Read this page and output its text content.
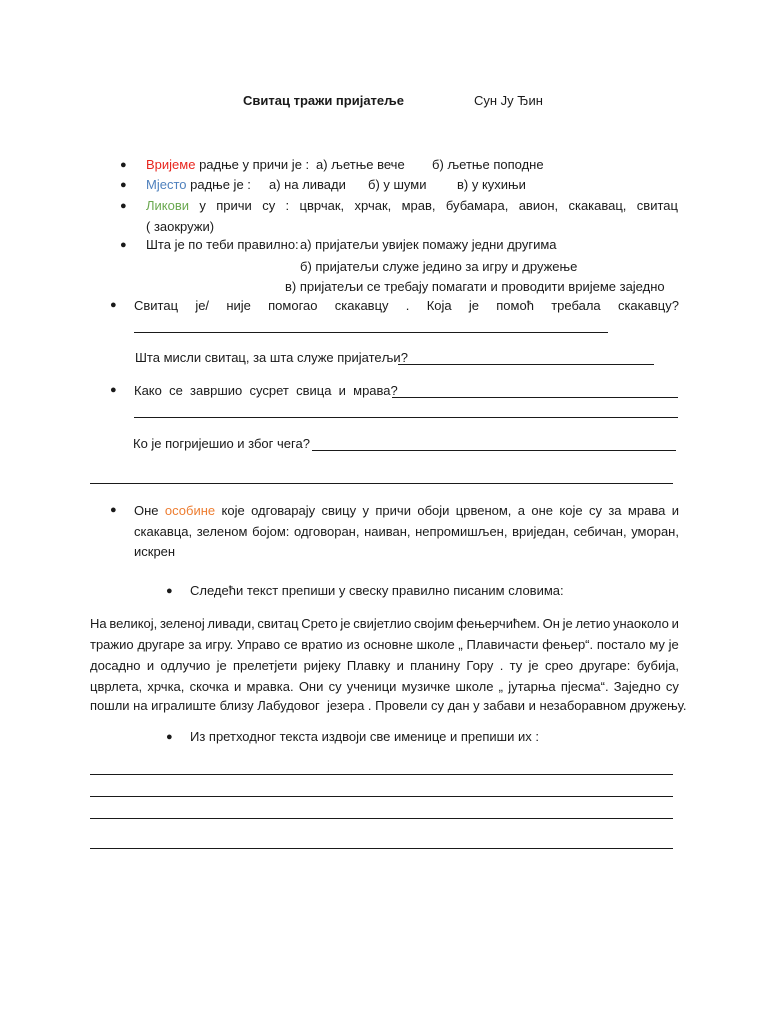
Свитац тражи пријатеље	Сун Ју Ђин
● Вријеме радње у причи је : а) љетње вече б) љетње поподне
● Мјесто радње је : а) на ливади б) у шуми в) у кухињи
● Ликови у причи су : цврчак, хрчак, мрав, бубамара, авион, скакавац, свитац
( заокружи)
● Шта је по теби правилно: а) пријатељи увијек помажу једни другима
б) пријатељи служе једино за игру и дружење
в) пријатељи се требају помагати и проводити вријеме заједно
● Свитац је/ није помогао скакавцу . Која је помоћ требала скакавцу?
Шта мисли свитац, за шта служе пријатељи?
● Како  се  завршио  сусрет  свица  и  мрава?
Ко је погријешио и због чега?
● Оне особине које одговарају свицу у причи обоји црвеном, а оне које су за мрава и
скакавца, зеленом бојом: одговоран, наиван, непромишљен, вриједан, себичан, уморан,
искрен
● Следећи текст препиши у свеску правилно писаним словима:
На великој, зеленој ливади, свитац Срето је свијетлио својим фењерчићем. Он је летио унаоколо и
тражио другаре за игру. Управо се вратио из основне школе „ Плавичасти фењер“. постало му је
досадно и одлучио је прелетјети ријеку Плавку и планину Гору . ту је срео другаре: бубија,
цврлета, хрчка, скочка и мравка. Они су ученици музичке школе „ јутарња пјесма“. Заједно су
пошли на игралиште близу Лабудовог  језера . Провели су дан у забави и незаборавном дружењу.
● Из претходног текста издвоји све именице и препиши их :
